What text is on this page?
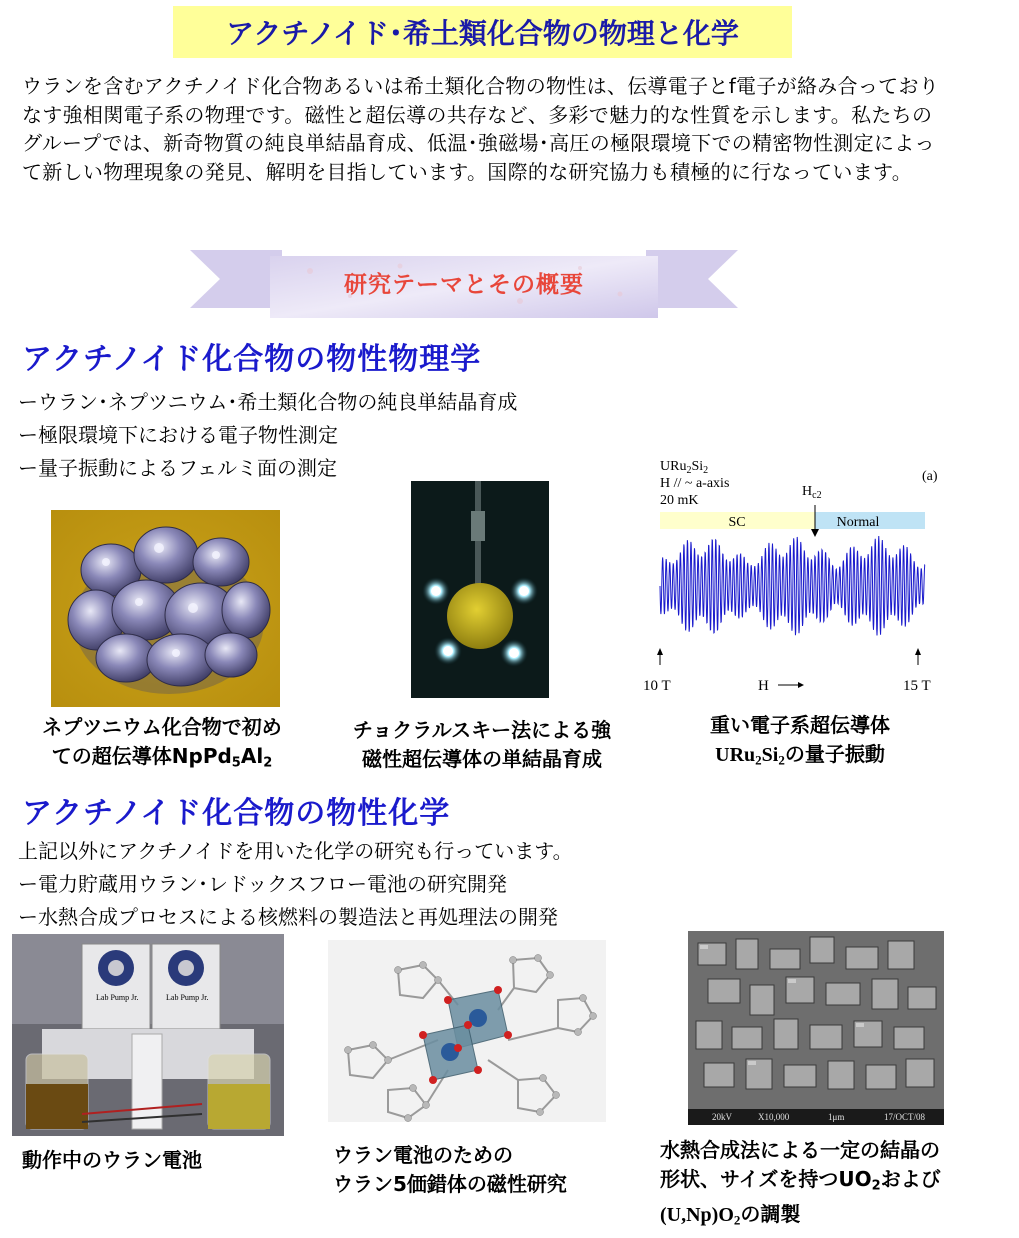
アクチノイド･希土類化合物の物理と化学
ウランを含むアクチノイド化合物あるいは希土類化合物の物性は、伝導電子とf電子が絡み合っておりなす強相関電子系の物理です。磁性と超伝導の共存など、多彩で魅力的な性質を示します。私たちのグループでは、新奇物質の純良単結晶育成、低温･強磁場･高圧の極限環境下での精密物性測定によって新しい物理現象の発見、解明を目指しています。国際的な研究協力も積極的に行なっています。
研究テーマとその概要
アクチノイド化合物の物性物理学
ーウラン･ネプツニウム･希土類化合物の純良単結晶育成
ー極限環境下における電子物性測定
ー量子振動によるフェルミ面の測定	$URu_2Si_2$
H // ~ a-axis
20 mK
(a)
$H_{c2}$
SC	Normal
10 T	H	15 T
ネプツニウム化合物で初め
ての超伝導体$NpPd_5Al_2$
チョクラルスキー法による強
磁性超伝導体の単結晶育成
重い電子系超伝導体
$URu_2Si_2$の量子振動
アクチノイド化合物の物性化学
上記以外にアクチノイドを用いた化学の研究も行っています。
ー電力貯蔵用ウラン･レドックスフロー電池の研究開発
ー水熱合成プロセスによる核燃料の製造法と再処理法の開発
Lab Pump Jr.	Lab Pump Jr.
20kV	X10,000	1μm	17/OCT/08
動作中のウラン電池	ウラン電池のための
ウラン5価錯体の磁性研究
水熱合成法による一定の結晶の
形状、サイズを持つ$UO_2$および
$(U,Np)O_2$の調製
